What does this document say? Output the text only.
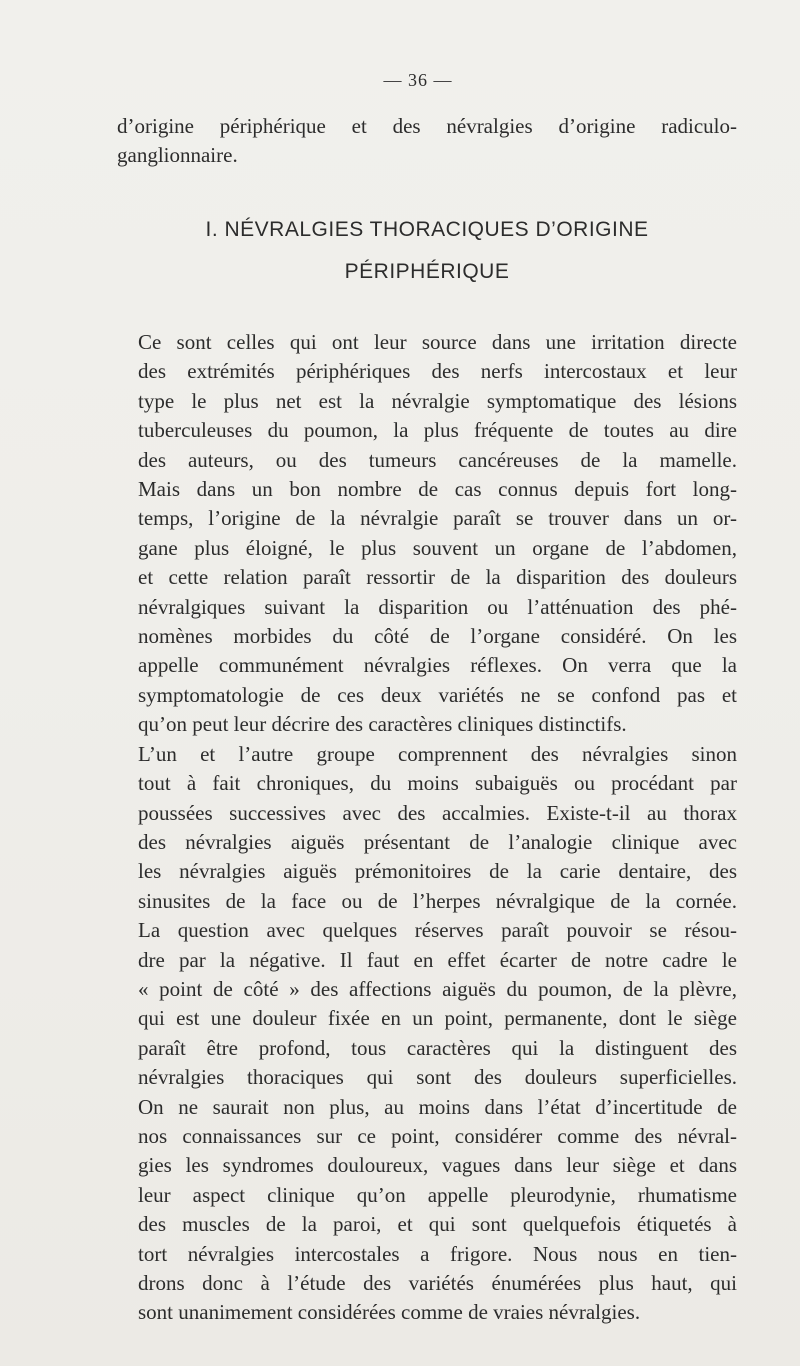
— 36 —
d’origine périphérique et des névralgies d’origine radiculo-
ganglionnaire.
I. NÉVRALGIES THORACIQUES D’ORIGINE
PÉRIPHÉRIQUE

Ce sont celles qui ont leur source dans une irritation directe
des extrémités périphériques des nerfs intercostaux et leur
type le plus net est la névralgie symptomatique des lésions
tuberculeuses du poumon, la plus fréquente de toutes au dire
des auteurs, ou des tumeurs cancéreuses de la mamelle.
Mais dans un bon nombre de cas connus depuis fort long-
temps, l’origine de la névralgie paraît se trouver dans un or-
gane plus éloigné, le plus souvent un organe de l’abdomen,
et cette relation paraît ressortir de la disparition des douleurs
névralgiques suivant la disparition ou l’atténuation des phé-
nomènes morbides du côté de l’organe considéré. On les
appelle communément névralgies réflexes. On verra que la
symptomatologie de ces deux variétés ne se confond pas et
qu’on peut leur décrire des caractères cliniques distinctifs.

L’un et l’autre groupe comprennent des névralgies sinon
tout à fait chroniques, du moins subaiguës ou procédant par
poussées successives avec des accalmies. Existe-t-il au thorax
des névralgies aiguës présentant de l’analogie clinique avec
les névralgies aiguës prémonitoires de la carie dentaire, des
sinusites de la face ou de l’herpes névralgique de la cornée.
La question avec quelques réserves paraît pouvoir se résou-
dre par la négative. Il faut en effet écarter de notre cadre le
« point de côté » des affections aiguës du poumon, de la plèvre,
qui est une douleur fixée en un point, permanente, dont le siège
paraît être profond, tous caractères qui la distinguent des
névralgies thoraciques qui sont des douleurs superficielles.
On ne saurait non plus, au moins dans l’état d’incertitude de
nos connaissances sur ce point, considérer comme des névral-
gies les syndromes douloureux, vagues dans leur siège et dans
leur aspect clinique qu’on appelle pleurodynie, rhumatisme
des muscles de la paroi, et qui sont quelquefois étiquetés à
tort névralgies intercostales a frigore. Nous nous en tien-
drons donc à l’étude des variétés énumérées plus haut, qui
sont unanimement considérées comme de vraies névralgies.
